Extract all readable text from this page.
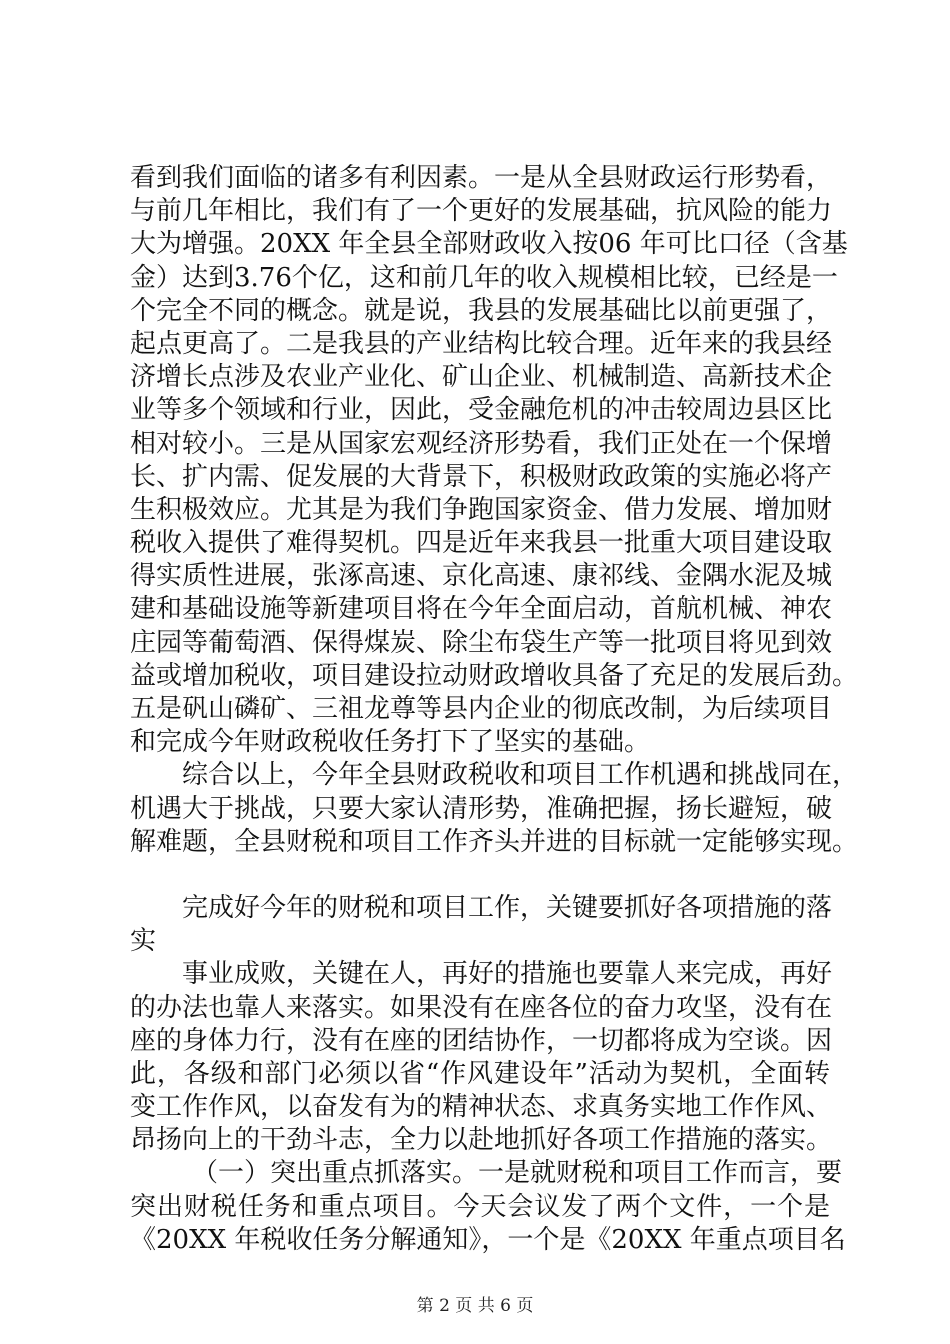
看到我们面临的诸多有利因素。一是从全县财政运行形势看，
与前几年相比，我们有了一个更好的发展基础，抗风险的能力
大为增强。20XX 年全县全部财政收入按06 年可比口径（含基
金）达到3.76个亿，这和前几年的收入规模相比较，已经是一
个完全不同的概念。就是说，我县的发展基础比以前更强了，
起点更高了。二是我县的产业结构比较合理。近年来的我县经
济增长点涉及农业产业化、矿山企业、机械制造、高新技术企
业等多个领域和行业，因此，受金融危机的冲击较周边县区比
相对较小。三是从国家宏观经济形势看，我们正处在一个保增
长、扩内需、促发展的大背景下，积极财政政策的实施必将产
生积极效应。尤其是为我们争跑国家资金、借力发展、增加财
税收入提供了难得契机。四是近年来我县一批重大项目建设取
得实质性进展，张涿高速、京化高速、康祁线、金隅水泥及城
建和基础设施等新建项目将在今年全面启动，首航机械、神农
庄园等葡萄酒、保得煤炭、除尘布袋生产等一批项目将见到效
益或增加税收，项目建设拉动财政增收具备了充足的发展后劲。
五是矾山磷矿、三祖龙尊等县内企业的彻底改制，为后续项目
和完成今年财政税收任务打下了坚实的基础。
综合以上，今年全县财政税收和项目工作机遇和挑战同在，
机遇大于挑战，只要大家认清形势，准确把握，扬长避短，破
解难题，全县财税和项目工作齐头并进的目标就一定能够实现。
完成好今年的财税和项目工作，关键要抓好各项措施的落
实
事业成败，关键在人，再好的措施也要靠人来完成，再好
的办法也靠人来落实。如果没有在座各位的奋力攻坚，没有在
座的身体力行，没有在座的团结协作，一切都将成为空谈。因
此，各级和部门必须以省“作风建设年”活动为契机，全面转
变工作作风，以奋发有为的精神状态、求真务实地工作作风、
昂扬向上的干劲斗志，全力以赴地抓好各项工作措施的落实。
（一）突出重点抓落实。一是就财税和项目工作而言，要
突出财税任务和重点项目。今天会议发了两个文件，一个是
《20XX 年税收任务分解通知》，一个是《20XX 年重点项目名
第 2 页 共 6 页
